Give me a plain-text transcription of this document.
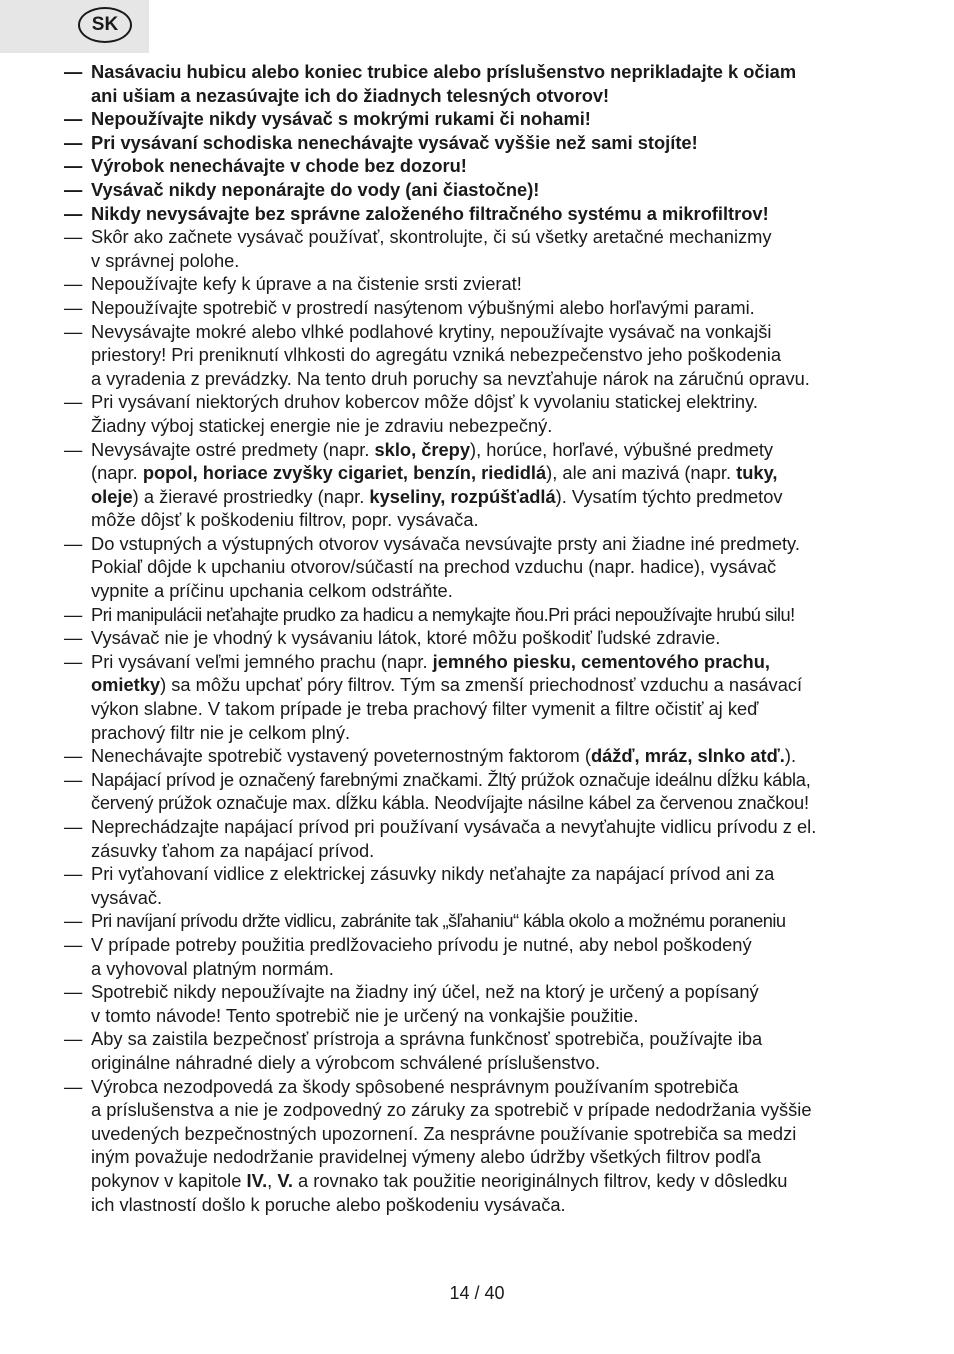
SK
— Nasávaciu hubicu alebo koniec trubice alebo príslušenstvo neprikladajte k očiam
ani ušiam a nezasúvajte ich do žiadnych telesných otvorov!
— Nepoužívajte nikdy vysávač s mokrými rukami či nohami!
— Pri vysávaní schodiska nenechávajte vysávač vyššie než sami stojíte!
— Výrobok nenechávajte v chode bez dozoru!
— Vysávač nikdy neponárajte do vody (ani čiastočne)!
— Nikdy nevysávajte bez správne založeného filtračného systému a mikrofiltrov!
— Skôr ako začnete vysávač používať, skontrolujte, či sú všetky aretačné mechanizmy
v správnej polohe.
— Nepoužívajte kefy k úprave a na čistenie srsti zvierat!
— Nepoužívajte spotrebič v prostredí nasýtenom výbušnými alebo horľavými parami.
— Nevysávajte mokré alebo vlhké podlahové krytiny, nepoužívajte vysávač na vonkajši
priestory! Pri preniknutí vlhkosti do agregátu vzniká nebezpečenstvo jeho poškodenia
a vyradenia z prevádzky. Na tento druh poruchy sa nevzťahuje nárok na záručnú opravu.
— Pri vysávaní niektorých druhov kobercov môže dôjsť k vyvolaniu statickej elektriny.
Žiadny výboj statickej energie nie je zdraviu nebezpečný.
— Nevysávajte ostré predmety (napr. sklo, črepy), horúce, horľavé, výbušné predmety
(napr. popol, horiace zvyšky cigariet, benzín, riedidlá), ale ani mazivá (napr. tuky,
oleje) a žieravé prostriedky (napr. kyseliny, rozpúšťadlá). Vysatím týchto predmetov
môže dôjsť k poškodeniu filtrov, popr. vysávača.
— Do vstupných a výstupných otvorov vysávača nevsúvajte prsty ani žiadne iné predmety.
Pokiaľ dôjde k upchaniu otvorov/súčastí na prechod vzduchu (napr. hadice), vysávač
vypnite a príčinu upchania celkom odstráňte.
— Pri manipulácii neťahajte prudko za hadicu a nemykajte ňou.Pri práci nepoužívajte hrubú silu!
— Vysávač nie je vhodný k vysávaniu látok, ktoré môžu poškodiť ľudské zdravie.
— Pri vysávaní veľmi jemného prachu (napr. jemného piesku, cementového prachu,
omietky) sa môžu upchať póry filtrov. Tým sa zmenší priechodnosť vzduchu a nasávací
výkon slabne. V takom prípade je treba prachový filter vymenit a filtre očistiť aj keď
prachový filtr nie je celkom plný.
— Nenechávajte spotrebič vystavený poveternostným faktorom (dážď, mráz, slnko atď.).
— Napájací prívod je označený farebnými značkami. Žltý prúžok označuje ideálnu dĺžku kábla,
červený prúžok označuje max. dĺžku kábla. Neodvíjajte násilne kábel za červenou značkou!
— Neprechádzajte napájací prívod pri používaní vysávača a nevyťahujte vidlicu prívodu z el.
zásuvky ťahom za napájací prívod.
— Pri vyťahovaní vidlice z elektrickej zásuvky nikdy neťahajte za napájací prívod ani za
vysávač.
— Pri navíjaní prívodu držte vidlicu, zabránite tak „šľahaniu“ kábla okolo a možnému poraneniu
— V prípade potreby použitia predlžovacieho prívodu je nutné, aby nebol poškodený
a vyhovoval platným normám.
— Spotrebič nikdy nepoužívajte na žiadny iný účel, než na ktorý je určený a popísaný
v tomto návode! Tento spotrebič nie je určený na vonkajšie použitie.
— Aby sa zaistila bezpečnosť prístroja a správna funkčnosť spotrebiča, používajte iba
originálne náhradné diely a výrobcom schválené príslušenstvo.
— Výrobca nezodpovedá za škody spôsobené nesprávnym používaním spotrebiča
a príslušenstva a nie je zodpovedný zo záruky za spotrebič v prípade nedodržania vyššie
uvedených bezpečnostných upozornení. Za nesprávne používanie spotrebiča sa medzi
iným považuje nedodržanie pravidelnej výmeny alebo údržby všetkých filtrov podľa
pokynov v kapitole IV., V. a rovnako tak použitie neoriginálnych filtrov, kedy v dôsledku
ich vlastností došlo k poruche alebo poškodeniu vysávača.
14 / 40
